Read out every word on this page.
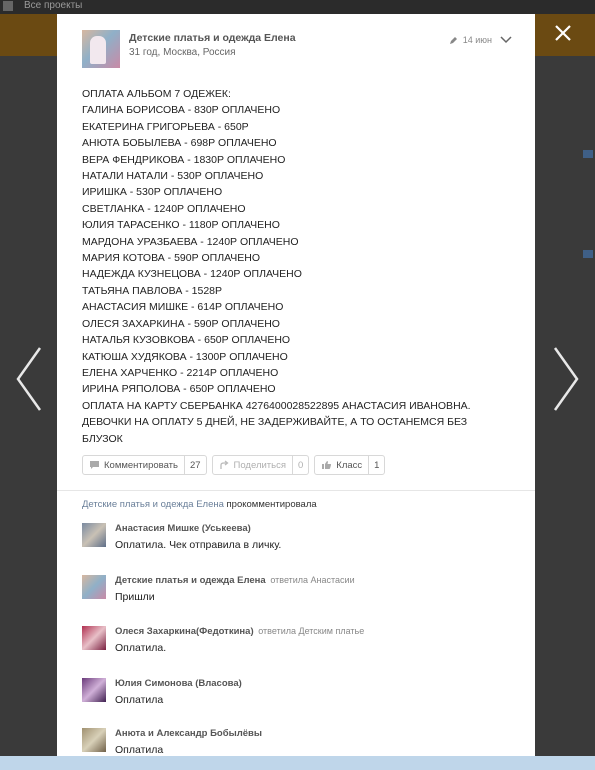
Все проекты
Детские платья и одежда Елена
31 год, Москва, Россия
14 июн
ОПЛАТА АЛЬБОМ 7 ОДЕЖЕК:
ГАЛИНА БОРИСОВА - 830Р ОПЛАЧЕНО
ЕКАТЕРИНА ГРИГОРЬЕВА - 650Р
АНЮТА БОБЫЛЕВА - 698Р ОПЛАЧЕНО
ВЕРА ФЕНДРИКОВА - 1830Р ОПЛАЧЕНО
НАТАЛИ НАТАЛИ - 530Р ОПЛАЧЕНО
ИРИШКА - 530Р ОПЛАЧЕНО
СВЕТЛАНКА - 1240Р ОПЛАЧЕНО
ЮЛИЯ ТАРАСЕНКО - 1180Р ОПЛАЧЕНО
МАРДОНА УРАЗБАЕВА - 1240Р ОПЛАЧЕНО
МАРИЯ КОТОВА - 590Р ОПЛАЧЕНО
НАДЕЖДА КУЗНЕЦОВА - 1240Р ОПЛАЧЕНО
ТАТЬЯНА ПАВЛОВА - 1528Р
АНАСТАСИЯ МИШКЕ - 614Р ОПЛАЧЕНО
ОЛЕСЯ ЗАХАРКИНА - 590Р ОПЛАЧЕНО
НАТАЛЬЯ КУЗОВКОВА - 650Р ОПЛАЧЕНО
КАТЮША ХУДЯКОВА - 1300Р ОПЛАЧЕНО
ЕЛЕНА ХАРЧЕНКО - 2214Р ОПЛАЧЕНО
ИРИНА РЯПОЛОВА - 650Р ОПЛАЧЕНО
ОПЛАТА НА КАРТУ СБЕРБАНКА 4276400028522895 АНАСТАСИЯ ИВАНОВНА.
ДЕВОЧКИ НА ОПЛАТУ 5 ДНЕЙ, НЕ ЗАДЕРЖИВАЙТЕ, А ТО ОСТАНЕМСЯ БЕЗ
БЛУЗОК
Комментировать	27	Поделиться	0	Класс	1
Детские платья и одежда Елена прокомментировала
Анастасия Мишке (Уськеева)
Оплатила. Чек отправила в личку.
Детские платья и одежда Елена ответила Анастасии
Пришли
Олеся Захаркина(Федоткина) ответила Детским платье
Оплатила.
Юлия Симонова (Власова)
Оплатила
Анюта и Александр Бобылёвы
Оплатила
